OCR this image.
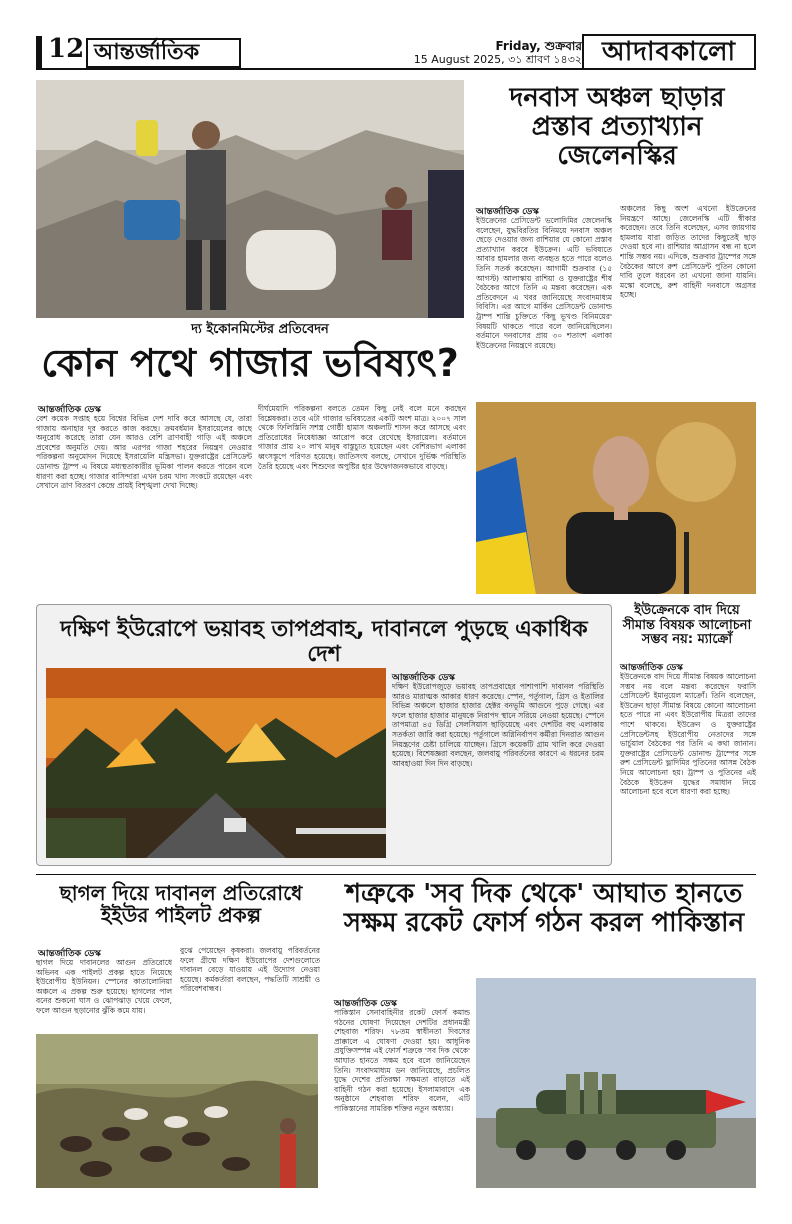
12 আন্তর্জাতিক	Friday, শুক্রবার
15 August 2025, ৩১ শ্রাবণ ১৪৩২ আদাবকালো
দ্য ইকোনমিস্টের প্রতিবেদন
দনবাস অঞ্চল ছাড়ার প্রস্তাব প্রত্যাখ্যান জেলেনস্কির
আন্তর্জাতিক ডেস্ক
ইউক্রেনের প্রেসিডেন্ট ভলোদিমির জেলেনস্কি বলেছেন, যুদ্ধবিরতির বিনিময়ে দনবাস অঞ্চল ছেড়ে দেওয়ার জন্য রাশিয়ার যে কোনো প্রস্তাব প্রত্যাখ্যান করবে ইউক্রেন। এটি ভবিষ্যতে আবার হামলার জন্য ব্যবহৃত হতে পারে বলেও তিনি সতর্ক করেছেন। আগামী শুক্রবার (১৫ আগস্ট) আলাস্কায় রাশিয়া ও যুক্তরাষ্ট্রের শীর্ষ বৈঠকের আগে তিনি এ মন্তব্য করেছেন। এক প্রতিবেদনে এ খবর জানিয়েছে সংবাদমাধ্যম বিবিসি। এর আগে মার্কিন প্রেসিডেন্ট ডোনাল্ড ট্রাম্প শান্তি চুক্তিতে 'কিছু ভূখণ্ড বিনিময়ের' বিষয়টি থাকতে পারে বলে জানিয়েছিলেন। বর্তমানে দনবাসের প্রায় ৩০ শতাংশ এলাকা ইউক্রেনের নিয়ন্ত্রণে রয়েছে।
অঞ্চলের কিছু অংশ এখনো ইউক্রেনের নিয়ন্ত্রণে আছে। জেলেনস্কি এটি স্বীকার করেছেন। তবে তিনি বলেছেন, এসব জায়গায় হামলায় যারা জড়িত তাদের কিছুতেই ছাড় দেওয়া হবে না। রাশিয়ার আগ্রাসন বন্ধ না হলে শান্তি সম্ভব নয়। এদিকে, শুক্রবার ট্রাম্পের সঙ্গে বৈঠকের আগে রুশ প্রেসিডেন্ট পুতিন কোনো দাবি তুলে ধরবেন তা এখনো জানা যায়নি। মস্কো বলেছে, রুশ বাহিনী দনবাসে অগ্রসর হচ্ছে।
কোন পথে গাজার ভবিষ্যৎ?
আন্তর্জাতিক ডেস্ক
বেশ কয়েক সপ্তাহ হয়ে বিশ্বের বিভিন্ন দেশ দাবি করে আসছে যে, তারা গাজায় অনাহার দূর করতে কাজ করছে। ক্রমবর্ধমান ইসরায়েলের কাছে অনুরোধ করেছে তারা যেন আরও বেশি ত্রাণবাহী গাড়ি এই অঞ্চলে প্রবেশের অনুমতি দেয়। আর এরপর গাজা শহরের নিয়ন্ত্রণ নেওয়ার পরিকল্পনা অনুমোদন দিয়েছে ইসরায়েলি মন্ত্রিসভা। যুক্তরাষ্ট্রের প্রেসিডেন্ট ডোনাল্ড ট্রাম্প এ বিষয়ে মধ্যস্থতাকারীর ভূমিকা পালন করতে পারেন বলে ধারণা করা হচ্ছে। গাজার বাসিন্দারা এখন চরম খাদ্য সংকটে রয়েছেন এবং সেখানে ত্রাণ বিতরণ কেন্দ্রে প্রায়ই বিশৃঙ্খলা দেখা দিচ্ছে।
দীর্ঘমেয়াদি পরিকল্পনা বলতে তেমন কিছু নেই বলে মনে করছেন বিশ্লেষকরা। তবে এটা গাজার ভবিষ্যতের একটি অংশ মাত্র। ২০০৭ সাল থেকে ফিলিস্তিনি সশস্ত্র গোষ্ঠী হামাস অঞ্চলটি শাসন করে আসছে এবং প্রতিরোধের নিষেধাজ্ঞা আরোপ করে রেখেছে ইসরায়েল। বর্তমানে গাজার প্রায় ২০ লাখ মানুষ বাস্তুচ্যুত হয়েছেন এবং বেশিরভাগ এলাকা ধ্বংসস্তূপে পরিণত হয়েছে। জাতিসংঘ বলছে, সেখানে দুর্ভিক্ষ পরিস্থিতি তৈরি হয়েছে এবং শিশুদের অপুষ্টির হার উদ্বেগজনকভাবে বাড়ছে।
দক্ষিণ ইউরোপে ভয়াবহ তাপপ্রবাহ, দাবানলে পুড়ছে একাধিক দেশ
আন্তর্জাতিক ডেস্ক
দক্ষিণ ইউরোপজুড়ে ভয়াবহ তাপপ্রবাহের পাশাপাশি দাবানল পরিস্থিতি আরও মারাত্মক আকার ধারণ করেছে। স্পেন, পর্তুগাল, গ্রিস ও ইতালির বিভিন্ন অঞ্চলে হাজার হাজার হেক্টর বনভূমি আগুনে পুড়ে গেছে। এর ফলে হাজার হাজার মানুষকে নিরাপদ স্থানে সরিয়ে নেওয়া হয়েছে। স্পেনে তাপমাত্রা ৪৫ ডিগ্রি সেলসিয়াস ছাড়িয়েছে এবং দেশটির বহু এলাকায় সতর্কতা জারি করা হয়েছে। পর্তুগালে অগ্নিনির্বাপণ কর্মীরা দিনরাত আগুন নিয়ন্ত্রণের চেষ্টা চালিয়ে যাচ্ছেন। গ্রিসে কয়েকটি গ্রাম খালি করে দেওয়া হয়েছে। বিশেষজ্ঞরা বলছেন, জলবায়ু পরিবর্তনের কারণে এ ধরনের চরম আবহাওয়া দিন দিন বাড়ছে।
ইউক্রেনকে বাদ দিয়ে সীমান্ত বিষয়ক আলোচনা সম্ভব নয়: ম্যাক্রোঁ
আন্তর্জাতিক ডেস্ক
ইউক্রেনকে বাদ দিয়ে সীমান্ত বিষয়ক আলোচনা সম্ভব নয় বলে মন্তব্য করেছেন ফরাসি প্রেসিডেন্ট ইমানুয়েল ম্যাক্রোঁ। তিনি বলেছেন, ইউক্রেন ছাড়া সীমান্ত বিষয়ে কোনো আলোচনা হতে পারে না এবং ইউরোপীয় মিত্ররা তাদের পাশে থাকবে। ইউক্রেন ও যুক্তরাষ্ট্রের প্রেসিডেন্টসহ ইউরোপীয় নেতাদের সঙ্গে ভার্চুয়াল বৈঠকের পর তিনি এ কথা জানান। যুক্তরাষ্ট্রের প্রেসিডেন্ট ডোনাল্ড ট্রাম্পের সঙ্গে রুশ প্রেসিডেন্ট ভ্লাদিমির পুতিনের আসন্ন বৈঠক নিয়ে আলোচনা হয়। ট্রাম্প ও পুতিনের এই বৈঠকে ইউক্রেন যুদ্ধের সমাধান নিয়ে আলোচনা হবে বলে ধারণা করা হচ্ছে।
ছাগল দিয়ে দাবানল প্রতিরোধে ইইউর পাইলট প্রকল্প
আন্তর্জাতিক ডেস্ক
ছাগল দিয়ে দাবানলের আগুন প্রতিরোধে অভিনব এক পাইলট প্রকল্প হাতে নিয়েছে ইউরোপীয় ইউনিয়ন। স্পেনের কাতালোনিয়া অঞ্চলে এ প্রকল্প শুরু হয়েছে। ছাগলের পাল বনের শুকনো ঘাস ও ঝোপঝাড় খেয়ে ফেলে, ফলে আগুন ছড়ানোর ঝুঁকি কমে যায়।
বুঝে পেয়েছেন কৃষকরা। জলবায়ু পরিবর্তনের ফলে গ্রীষ্মে দক্ষিণ ইউরোপের দেশগুলোতে দাবানল বেড়ে যাওয়ায় এই উদ্যোগ নেওয়া হয়েছে। কর্মকর্তারা বলছেন, পদ্ধতিটি সাশ্রয়ী ও পরিবেশবান্ধব।
শত্রুকে 'সব দিক থেকে' আঘাত হানতে সক্ষম রকেট ফোর্স গঠন করল পাকিস্তান
আন্তর্জাতিক ডেস্ক
পাকিস্তান সেনাবাহিনীর রকেট ফোর্স কমান্ড গঠনের ঘোষণা দিয়েছেন দেশটির প্রধানমন্ত্রী শেহবাজ শরিফ। ৭৮তম স্বাধীনতা দিবসের প্রাক্কালে এ ঘোষণা দেওয়া হয়। আধুনিক প্রযুক্তিসম্পন্ন এই ফোর্স শত্রুকে 'সব দিক থেকে' আঘাত হানতে সক্ষম হবে বলে জানিয়েছেন তিনি। সংবাদমাধ্যম ডন জানিয়েছে, প্রচলিত যুদ্ধে দেশের প্রতিরক্ষা সক্ষমতা বাড়াতে এই বাহিনী গঠন করা হয়েছে। ইসলামাবাদে এক অনুষ্ঠানে শেহবাজ শরিফ বলেন, এটি পাকিস্তানের সামরিক শক্তির নতুন অধ্যায়।
